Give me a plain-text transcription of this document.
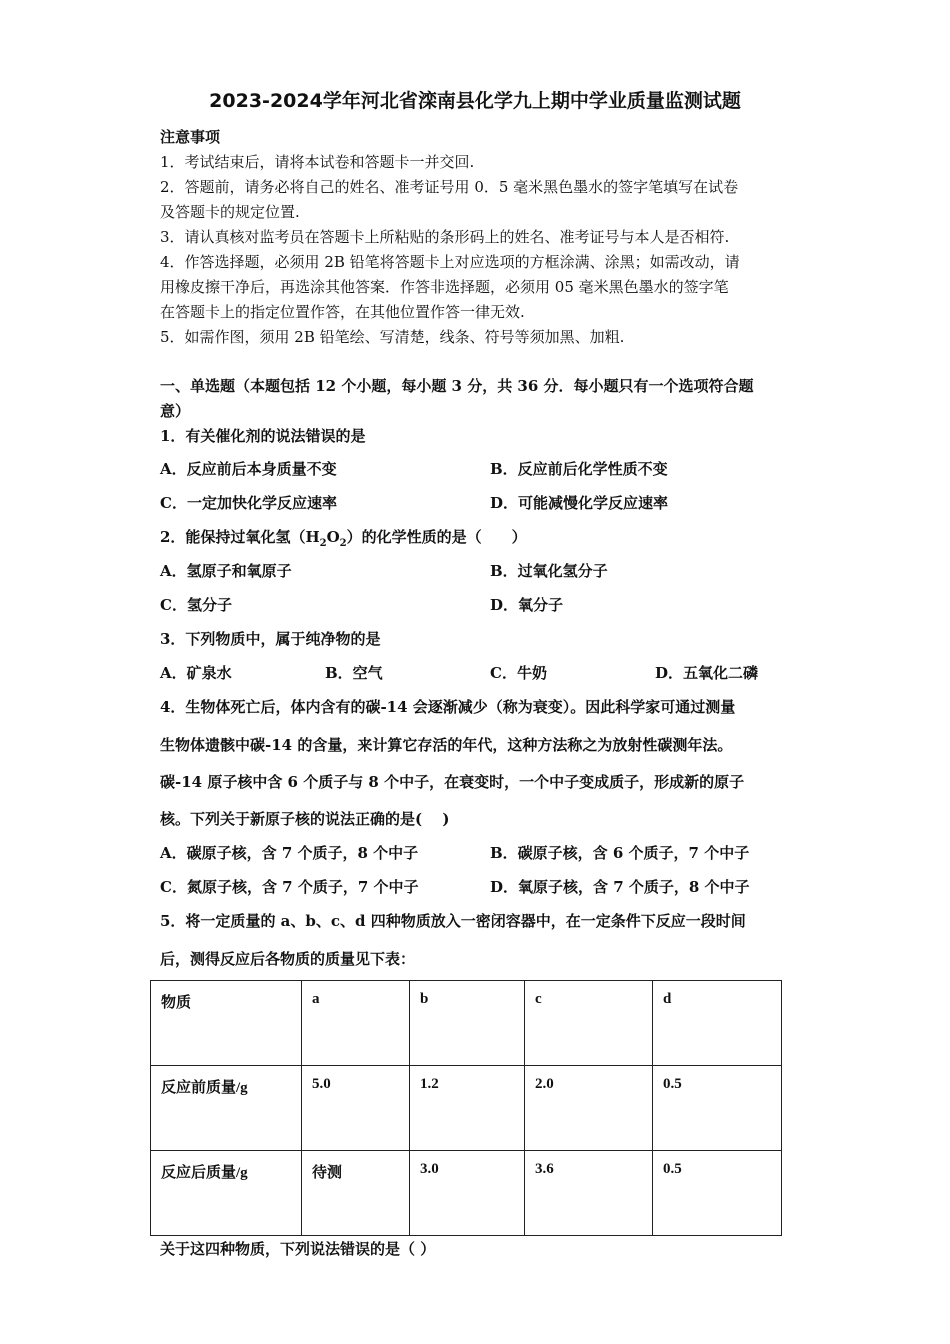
2023-2024学年河北省滦南县化学九上期中学业质量监测试题
注意事项
1．考试结束后，请将本试卷和答题卡一并交回.
2．答题前，请务必将自己的姓名、准考证号用 0．5 毫米黑色墨水的签字笔填写在试卷
及答题卡的规定位置.
3．请认真核对监考员在答题卡上所粘贴的条形码上的姓名、准考证号与本人是否相符.
4．作答选择题，必须用 2B 铅笔将答题卡上对应选项的方框涂满、涂黑；如需改动，请
用橡皮擦干净后，再选涂其他答案．作答非选择题，必须用 05 毫米黑色墨水的签字笔
在答题卡上的指定位置作答，在其他位置作答一律无效.
5．如需作图，须用 2B 铅笔绘、写清楚，线条、符号等须加黑、加粗.
一、单选题（本题包括 12 个小题，每小题 3 分，共 36 分．每小题只有一个选项符合题
意）
1．有关催化剂的说法错误的是
A．反应前后本身质量不变	B．反应前后化学性质不变
C．一定加快化学反应速率	D．可能减慢化学反应速率
2．能保持过氧化氢$(H_2O_2)$的化学性质的是（　　）
A．氢原子和氧原子	B．过氧化氢分子
C．氢分子	D．氧分子
3．下列物质中，属于纯净物的是
A．矿泉水	B．空气	C．牛奶	D．五氧化二磷
4．生物体死亡后，体内含有的碳-14 会逐渐减少（称为衰变）。因此科学家可通过测量
生物体遗骸中碳-14 的含量，来计算它存活的年代，这种方法称之为放射性碳测年法。
碳-14 原子核中含 6 个质子与 8 个中子，在衰变时，一个中子变成质子，形成新的原子
核。下列关于新原子核的说法正确的是(　 )
A．碳原子核，含 7 个质子，8 个中子	B．碳原子核，含 6 个质子，7 个中子
C．氮原子核，含 7 个质子，7 个中子	D．氧原子核，含 7 个质子，8 个中子
5．将一定质量的 a、b、c、d 四种物质放入一密闭容器中，在一定条件下反应一段时间
后，测得反应后各物质的质量见下表：
物质	a	b	c	d
反应前质量/g	5.0	1.2	2.0	0.5
反应后质量/g	待测	3.0	3.6	0.5
关于这四种物质，下列说法错误的是（ ）
